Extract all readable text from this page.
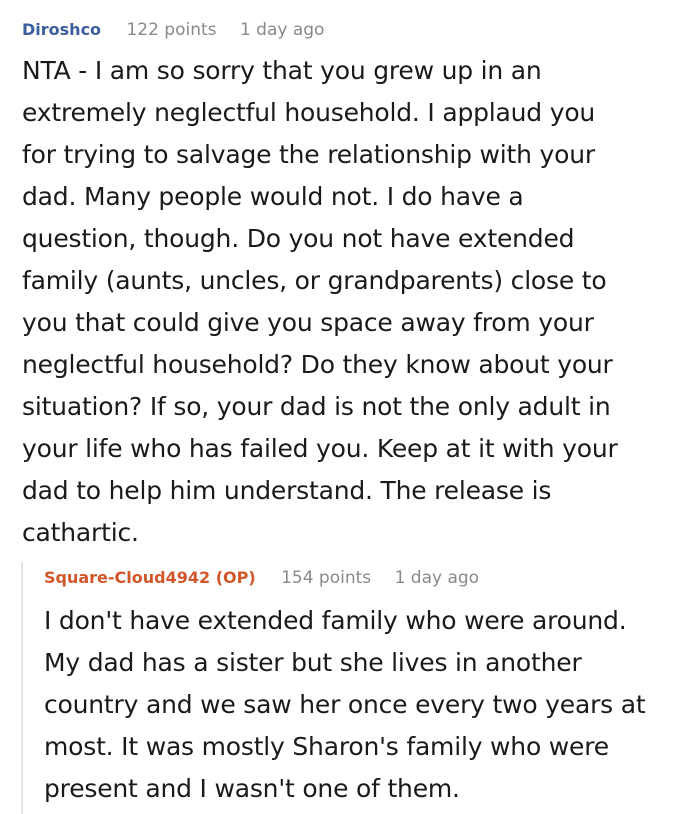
Diroshco 122 points 1 day ago

NTA - I am so sorry that you grew up in an
extremely neglectful household. I applaud you
for trying to salvage the relationship with your
dad. Many people would not. I do have a
question, though. Do you not have extended
family (aunts, uncles, or grandparents) close to
you that could give you space away from your
neglectful household? Do they know about your
situation? If so, your dad is not the only adult in
your life who has failed you. Keep at it with your
dad to help him understand. The release is
cathartic.

Square-Cloud4942 (OP) 154 points 1 day ago

I don't have extended family who were around.
My dad has a sister but she lives in another
country and we saw her once every two years at
most. It was mostly Sharon's family who were
present and I wasn't one of them.
